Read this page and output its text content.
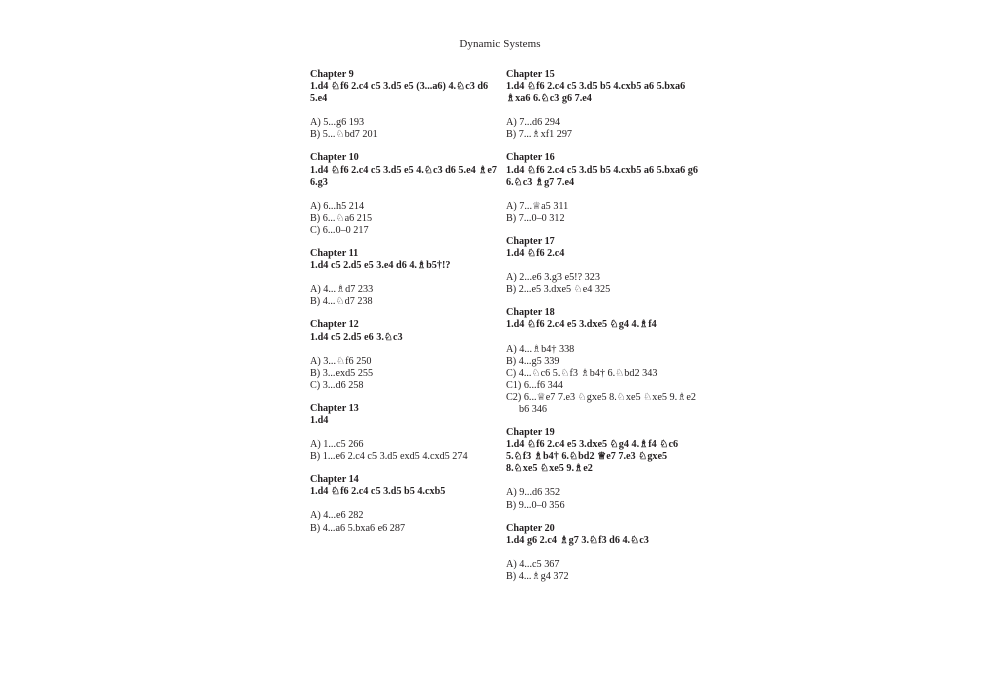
Dynamic Systems
Chapter 9
1.d4 ♘f6 2.c4 c5 3.d5 e5 (3...a6) 4.♘c3 d6 5.e4
A) 5...g6 193
B) 5...♘bd7 201
Chapter 10
1.d4 ♘f6 2.c4 c5 3.d5 e5 4.♘c3 d6 5.e4 ♗e7 6.g3
A) 6...h5 214
B) 6...♘a6 215
C) 6...0–0 217
Chapter 11
1.d4 c5 2.d5 e5 3.e4 d6 4.♗b5†!?
A) 4...♗d7 233
B) 4...♘d7 238
Chapter 12
1.d4 c5 2.d5 e6 3.♘c3
A) 3...♘f6 250
B) 3...exd5 255
C) 3...d6 258
Chapter 13
1.d4
A) 1...c5 266
B) 1...e6 2.c4 c5 3.d5 exd5 4.cxd5 274
Chapter 14
1.d4 ♘f6 2.c4 c5 3.d5 b5 4.cxb5
A) 4...e6 282
B) 4...a6 5.bxa6 e6 287
Chapter 15
1.d4 ♘f6 2.c4 c5 3.d5 b5 4.cxb5 a6 5.bxa6 ♗xa6 6.♘c3 g6 7.e4
A) 7...d6 294
B) 7...♗xf1 297
Chapter 16
1.d4 ♘f6 2.c4 c5 3.d5 b5 4.cxb5 a6 5.bxa6 g6 6.♘c3 ♗g7 7.e4
A) 7...♕a5 311
B) 7...0–0 312
Chapter 17
1.d4 ♘f6 2.c4
A) 2...e6 3.g3 e5!? 323
B) 2...e5 3.dxe5 ♘e4 325
Chapter 18
1.d4 ♘f6 2.c4 e5 3.dxe5 ♘g4 4.♗f4
A) 4...♗b4† 338
B) 4...g5 339
C) 4...♘c6 5.♘f3 ♗b4† 6.♘bd2 343
C1) 6...f6 344
C2) 6...♕e7 7.e3 ♘gxe5 8.♘xe5 ♘xe5 9.♗e2
b6 346
Chapter 19
1.d4 ♘f6 2.c4 e5 3.dxe5 ♘g4 4.♗f4 ♘c6 5.♘f3 ♗b4† 6.♘bd2 ♕e7 7.e3 ♘gxe5 8.♘xe5 ♘xe5 9.♗e2
A) 9...d6 352
B) 9...0–0 356
Chapter 20
1.d4 g6 2.c4 ♗g7 3.♘f3 d6 4.♘c3
A) 4...c5 367
B) 4...♗g4 372
